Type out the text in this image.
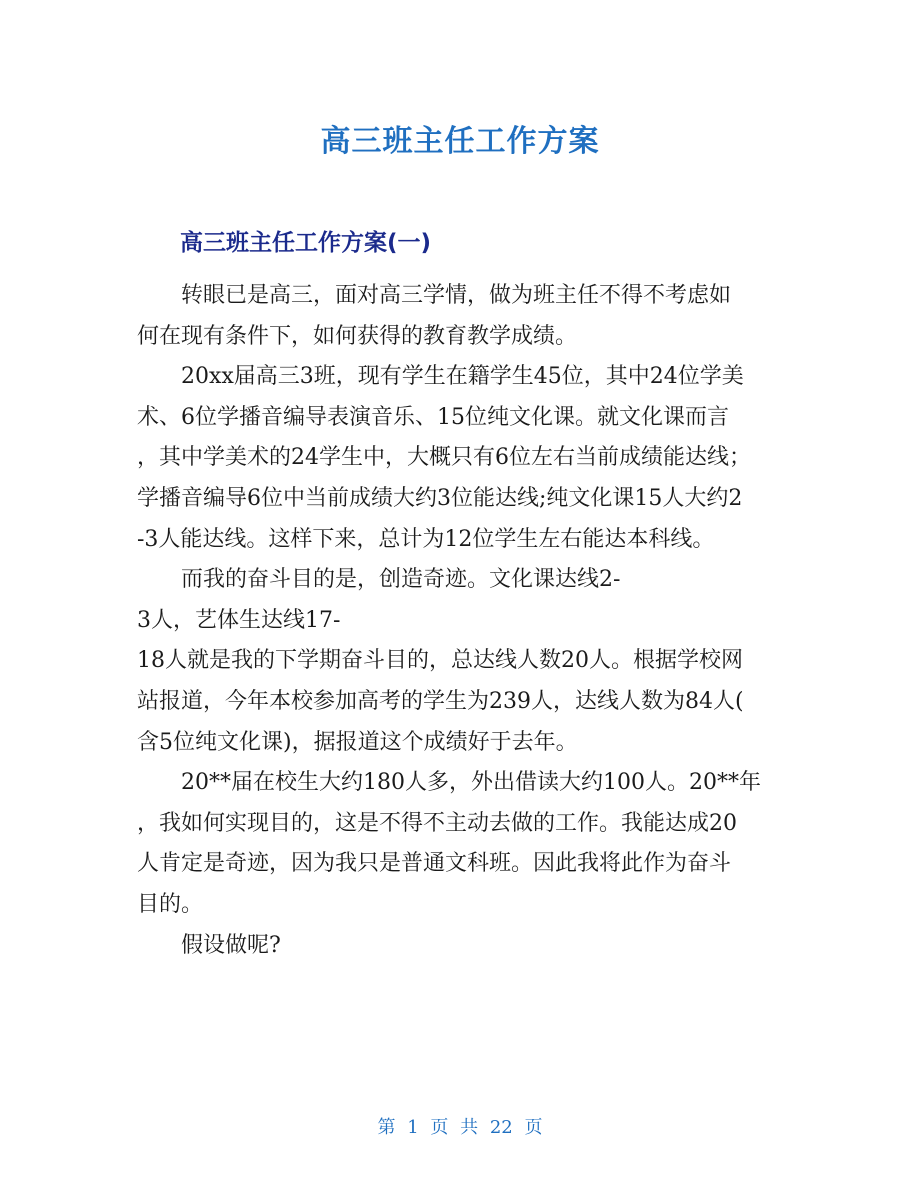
高三班主任工作方案
高三班主任工作方案(一)

转眼已是高三，面对高三学情，做为班主任不得不考虑如
何在现有条件下，如何获得的教育教学成绩。

20xx届高三3班，现有学生在籍学生45位，其中24位学美
术、6位学播音编导表演音乐、15位纯文化课。就文化课而言
，其中学美术的24学生中，大概只有6位左右当前成绩能达线；
学播音编导6位中当前成绩大约3位能达线;纯文化课15人大约2
-3人能达线。这样下来，总计为12位学生左右能达本科线。

而我的奋斗目的是，创造奇迹。文化课达线2-
3人，艺体生达线17-
18人就是我的下学期奋斗目的，总达线人数20人。根据学校网
站报道，今年本校参加高考的学生为239人，达线人数为84人(
含5位纯文化课)，据报道这个成绩好于去年。

20**届在校生大约180人多，外出借读大约100人。20**年
，我如何实现目的，这是不得不主动去做的工作。我能达成20
人肯定是奇迹，因为我只是普通文科班。因此我将此作为奋斗
目的。

假设做呢?

第 1 页 共 22 页
